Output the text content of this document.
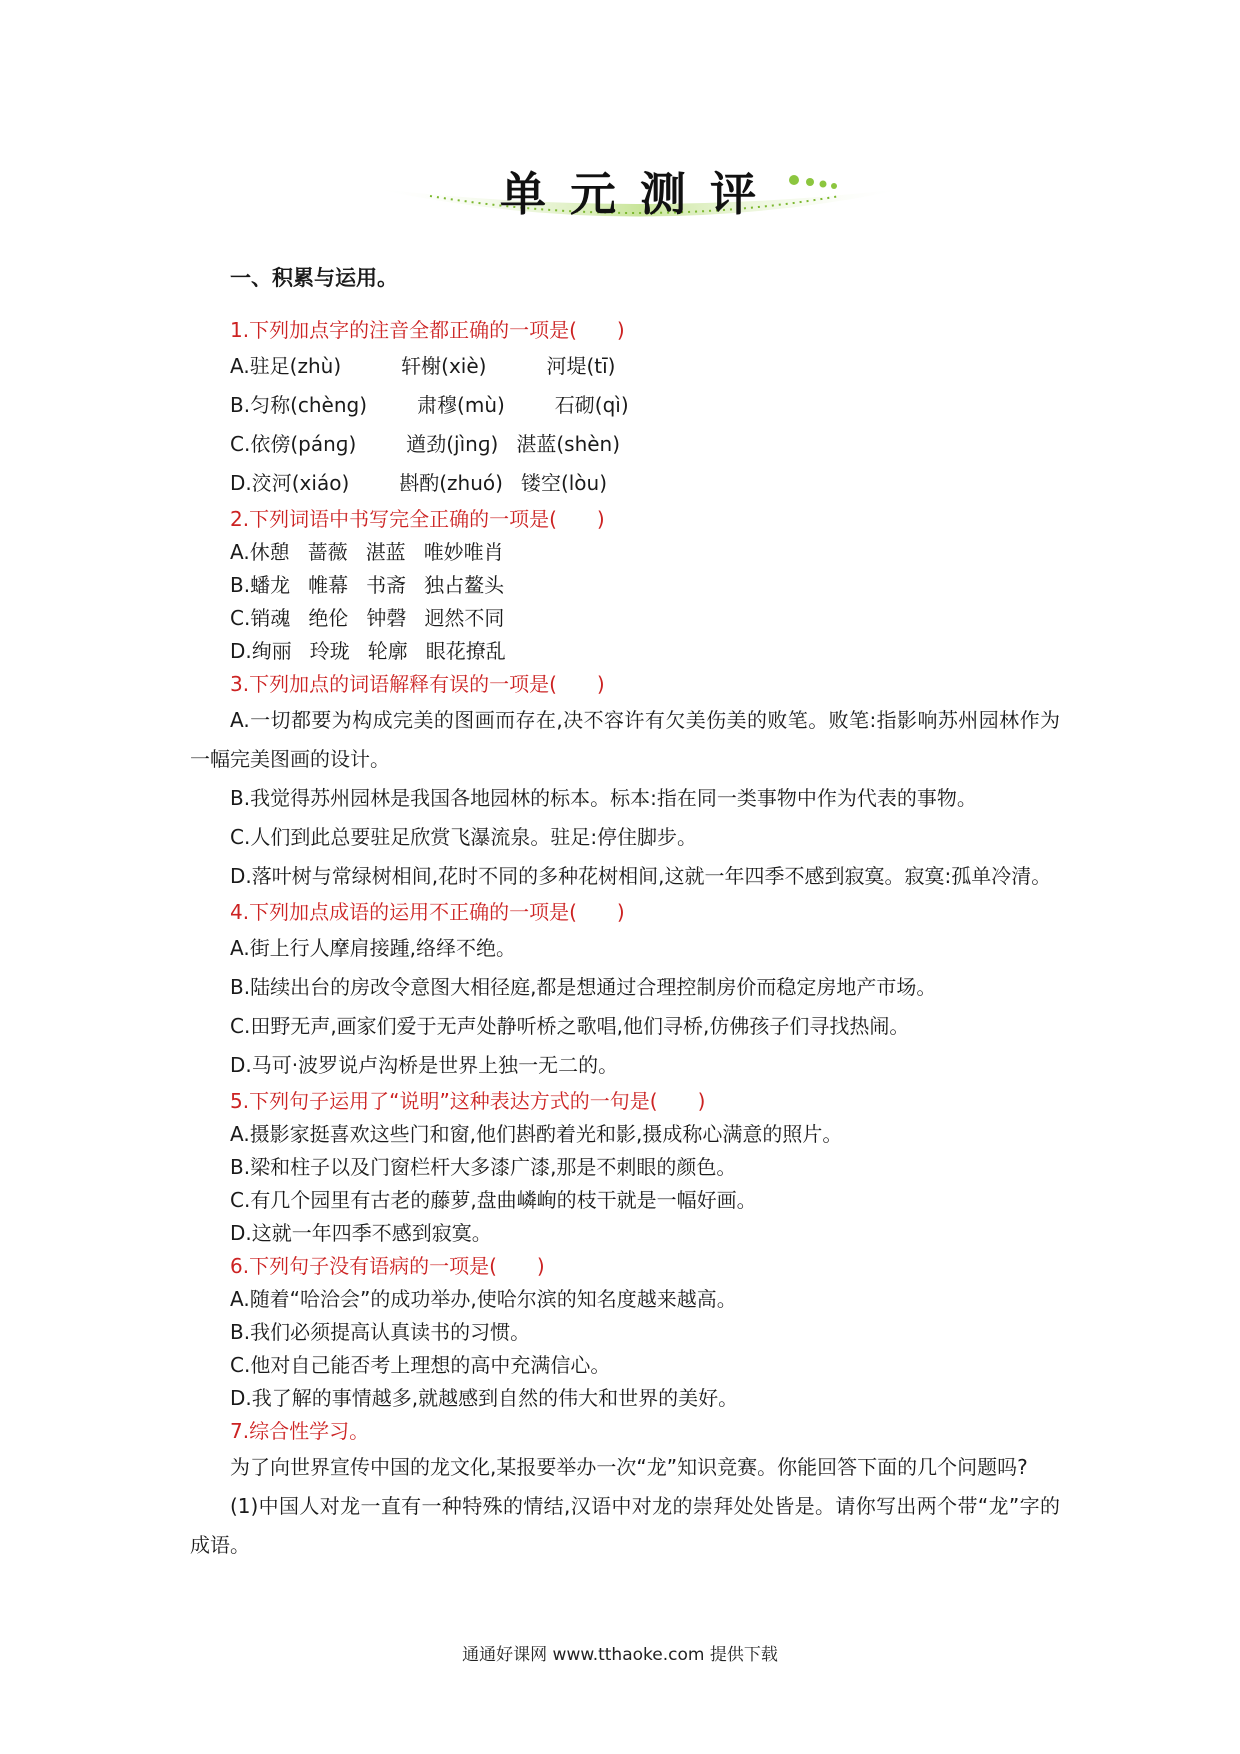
单元测评
一、积累与运用。
1.下列加点字的注音全都正确的一项是(　　)
A.驻足(zhù)	轩榭(xiè)	河堤(tī)
B.匀称(chèng)	肃穆(mù)	石砌(qì)
C.依傍(pánɡ)	遒劲(jìnɡ) 湛蓝(shèn)
D.洨河(xiáo)	斟酌(zhuó) 镂空(lòu)
2.下列词语中书写完全正确的一项是(　　)
A.休憩 蔷薇 湛蓝 唯妙唯肖
B.蟠龙 帷幕 书斋 独占鳌头
C.销魂 绝伦 钟磬 迥然不同
D.绚丽 玲珑 轮廓 眼花撩乱
3.下列加点的词语解释有误的一项是(　　)
A.一切都要为构成完美的图画而存在,决不容许有欠美伤美的败笔。败笔:指影响苏州园林作为一幅完美图画的设计。
B.我觉得苏州园林是我国各地园林的标本。标本:指在同一类事物中作为代表的事物。
C.人们到此总要驻足欣赏飞瀑流泉。驻足:停住脚步。
D.落叶树与常绿树相间,花时不同的多种花树相间,这就一年四季不感到寂寞。寂寞:孤单冷清。
4.下列加点成语的运用不正确的一项是(　　)
A.街上行人摩肩接踵,络绎不绝。
B.陆续出台的房改令意图大相径庭,都是想通过合理控制房价而稳定房地产市场。
C.田野无声,画家们爱于无声处静听桥之歌唱,他们寻桥,仿佛孩子们寻找热闹。
D.马可·波罗说卢沟桥是世界上独一无二的。
5.下列句子运用了“说明”这种表达方式的一句是(　　)
A.摄影家挺喜欢这些门和窗,他们斟酌着光和影,摄成称心满意的照片。
B.梁和柱子以及门窗栏杆大多漆广漆,那是不刺眼的颜色。
C.有几个园里有古老的藤萝,盘曲嶙峋的枝干就是一幅好画。
D.这就一年四季不感到寂寞。
6.下列句子没有语病的一项是(　　)
A.随着“哈洽会”的成功举办,使哈尔滨的知名度越来越高。
B.我们必须提高认真读书的习惯。
C.他对自己能否考上理想的高中充满信心。
D.我了解的事情越多,就越感到自然的伟大和世界的美好。
7.综合性学习。
为了向世界宣传中国的龙文化,某报要举办一次“龙”知识竞赛。你能回答下面的几个问题吗?
(1)中国人对龙一直有一种特殊的情结,汉语中对龙的崇拜处处皆是。请你写出两个带“龙”字的成语。
通通好课网 www.tthaoke.com 提供下载
